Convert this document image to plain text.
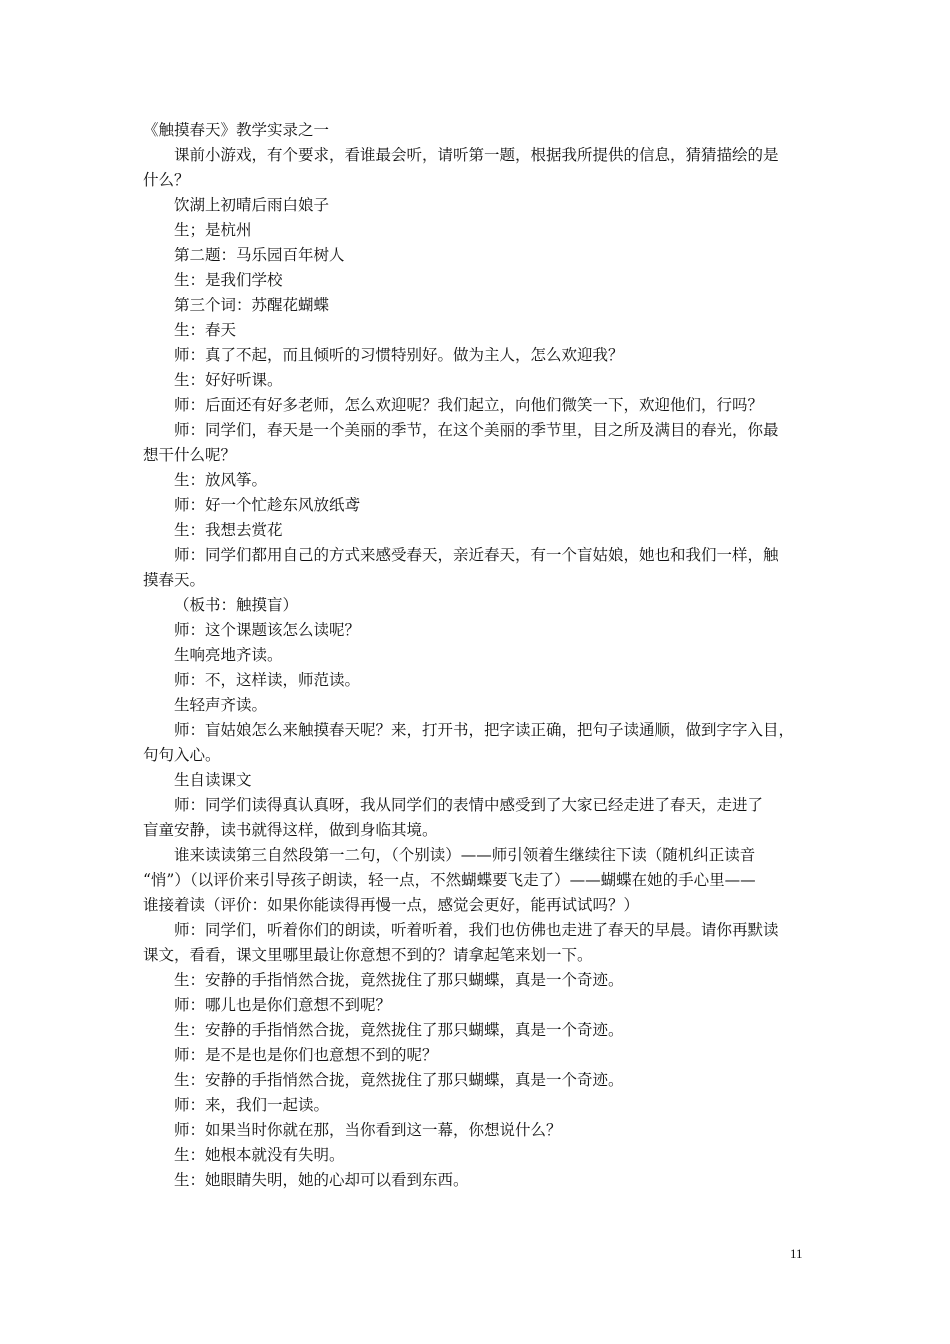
《触摸春天》教学实录之一
课前小游戏，有个要求，看谁最会听，请听第一题，根据我所提供的信息，猜猜描绘的是
什么？
饮湖上初晴后雨白娘子
生；是杭州
第二题：马乐园百年树人
生：是我们学校
第三个词：苏醒花蝴蝶
生：春天
师：真了不起，而且倾听的习惯特别好。做为主人，怎么欢迎我？
生：好好听课。
师：后面还有好多老师，怎么欢迎呢？我们起立，向他们微笑一下，欢迎他们，行吗？
师：同学们，春天是一个美丽的季节，在这个美丽的季节里，目之所及满目的春光，你最
想干什么呢？
生：放风筝。
师：好一个忙趁东风放纸鸢
生：我想去赏花
师：同学们都用自己的方式来感受春天，亲近春天，有一个盲姑娘，她也和我们一样，触
摸春天。
（板书：触摸盲）
师：这个课题该怎么读呢？
生响亮地齐读。
师：不，这样读，师范读。
生轻声齐读。
师：盲姑娘怎么来触摸春天呢？来，打开书，把字读正确，把句子读通顺，做到字字入目，
句句入心。
生自读课文
师：同学们读得真认真呀，我从同学们的表情中感受到了大家已经走进了春天，走进了
盲童安静，读书就得这样，做到身临其境。
谁来读读第三自然段第一二句，（个别读）——师引领着生继续往下读（随机纠正读音
“悄”）（以评价来引导孩子朗读，轻一点，不然蝴蝶要飞走了）——蝴蝶在她的手心里——
谁接着读（评价：如果你能读得再慢一点，感觉会更好，能再试试吗？）
师：同学们，听着你们的朗读，听着听着，我们也仿佛也走进了春天的早晨。请你再默读
课文，看看，课文里哪里最让你意想不到的？请拿起笔来划一下。
生：安静的手指悄然合拢，竟然拢住了那只蝴蝶，真是一个奇迹。
师：哪儿也是你们意想不到呢？
生：安静的手指悄然合拢，竟然拢住了那只蝴蝶，真是一个奇迹。
师：是不是也是你们也意想不到的呢？
生：安静的手指悄然合拢，竟然拢住了那只蝴蝶，真是一个奇迹。
师：来，我们一起读。
师：如果当时你就在那，当你看到这一幕，你想说什么？
生：她根本就没有失明。
生：她眼睛失明，她的心却可以看到东西。
11
